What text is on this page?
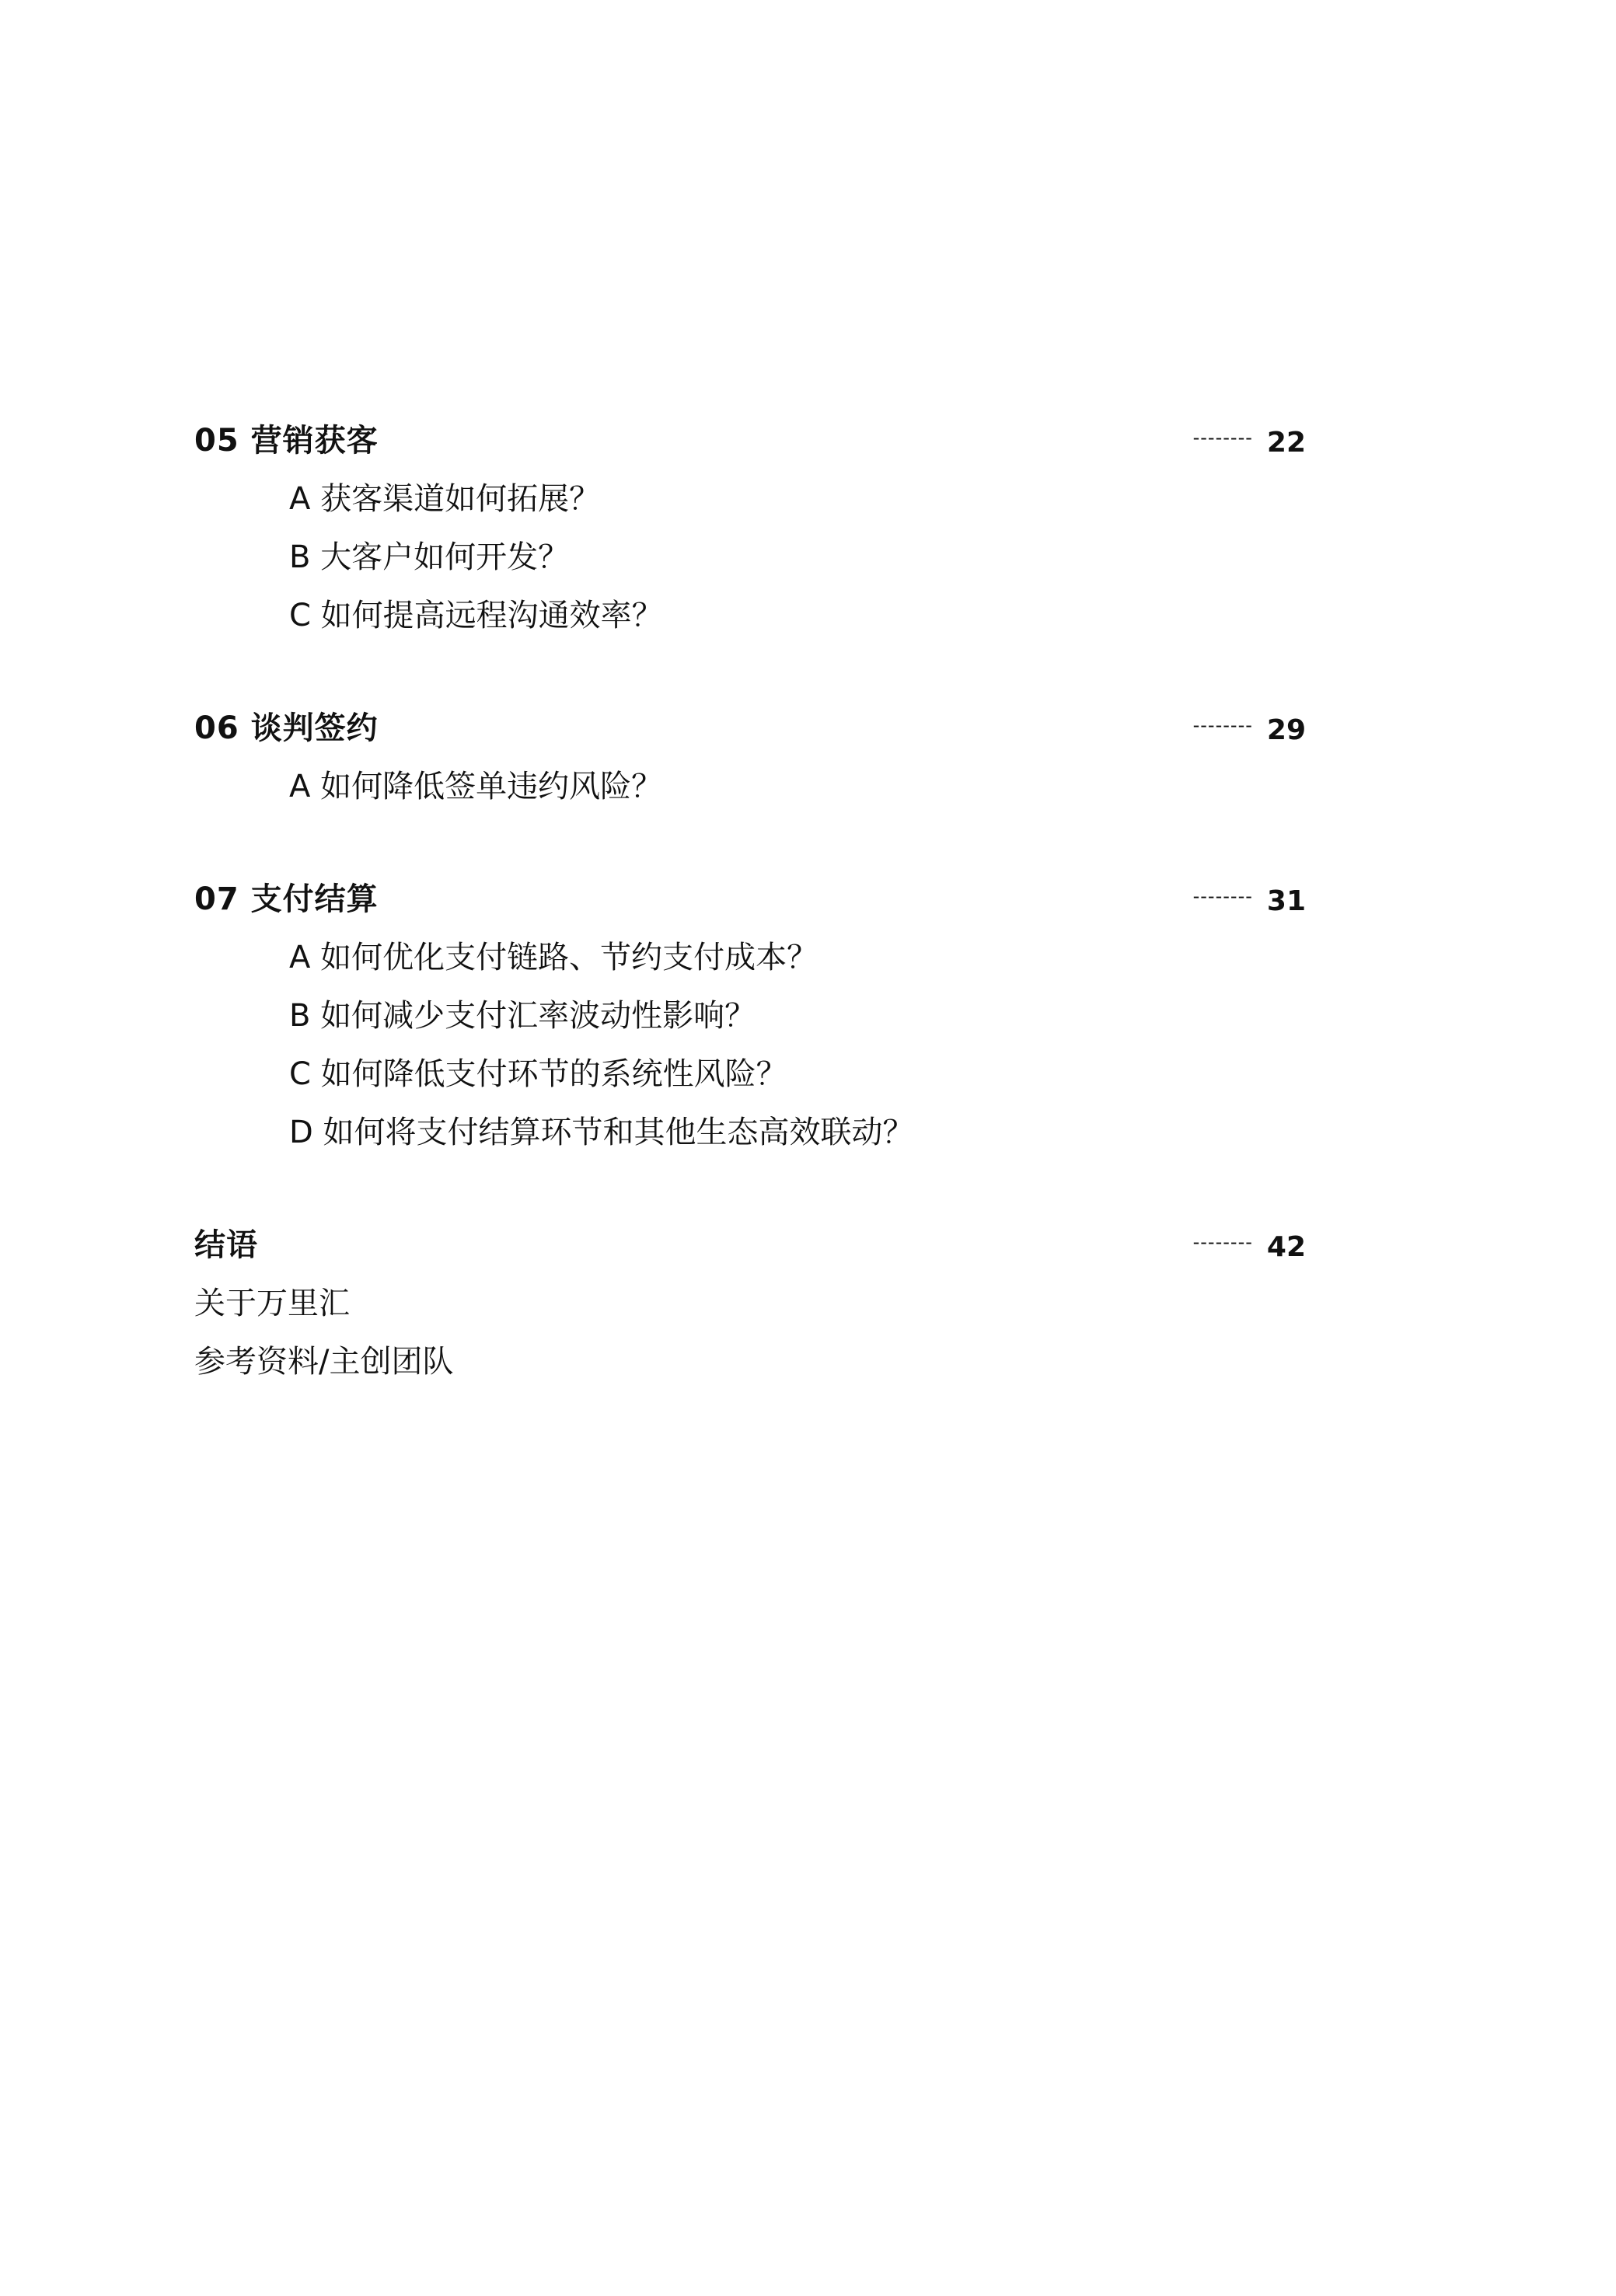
05 营销获客	-------- 22
A 获客渠道如何拓展？
B 大客户如何开发？
C 如何提高远程沟通效率？
06 谈判签约	-------- 29
A 如何降低签单违约风险？
07 支付结算	-------- 31
A 如何优化支付链路、节约支付成本？
B 如何减少支付汇率波动性影响？
C 如何降低支付环节的系统性风险？
D 如何将支付结算环节和其他生态高效联动？
结语	-------- 42
关于万里汇
参考资料/主创团队
